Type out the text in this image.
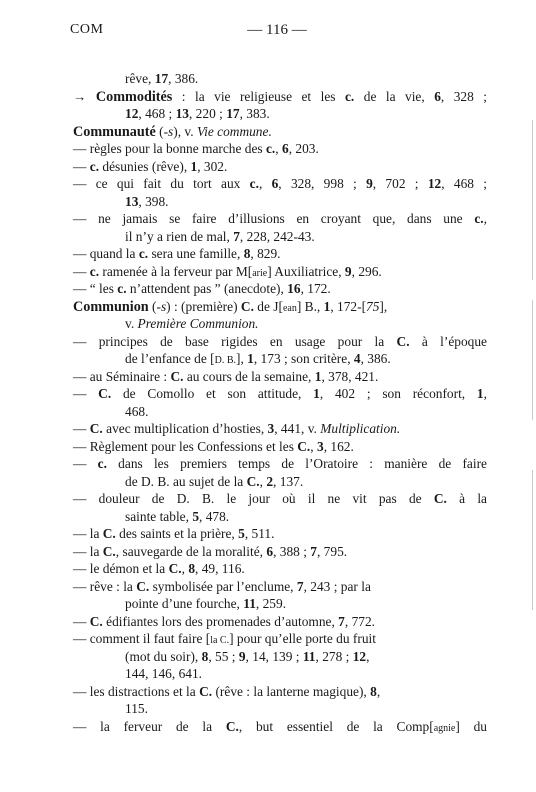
COM	— 116 —
rêve, 17, 386.
→ Commodités : la vie religieuse et les c. de la vie, 6, 328 ;
12, 468 ; 13, 220 ; 17, 383.
Communauté (-s), v. Vie commune.
— règles pour la bonne marche des c., 6, 203.
— c. désunies (rêve), 1, 302.
— ce qui fait du tort aux c., 6, 328, 998 ; 9, 702 ; 12, 468 ;
13, 398.
— ne jamais se faire d’illusions en croyant que, dans une c.,
il n’y a rien de mal, 7, 228, 242-43.
— quand la c. sera une famille, 8, 829.
— c. ramenée à la ferveur par M[arie] Auxiliatrice, 9, 296.
— “ les c. n’attendent pas ” (anecdote), 16, 172.
Communion (-s) : (première) C. de J[ean] B., 1, 172-[75],
v. Première Communion.
— principes de base rigides en usage pour la C. à l’époque
de l’enfance de [D. B.], 1, 173 ; son critère, 4, 386.
— au Séminaire : C. au cours de la semaine, 1, 378, 421.
— C. de Comollo et son attitude, 1, 402 ; son réconfort, 1,
468.
— C. avec multiplication d’hosties, 3, 441, v. Multiplication.
— Règlement pour les Confessions et les C., 3, 162.
— c. dans les premiers temps de l’Oratoire : manière de faire
de D. B. au sujet de la C., 2, 137.
— douleur de D. B. le jour où il ne vit pas de C. à la
sainte table, 5, 478.
— la C. des saints et la prière, 5, 511.
— la C., sauvegarde de la moralité, 6, 388 ; 7, 795.
— le démon et la C., 8, 49, 116.
— rêve : la C. symbolisée par l’enclume, 7, 243 ; par la
pointe d’une fourche, 11, 259.
— C. édifiantes lors des promenades d’automne, 7, 772.
— comment il faut faire [la C.] pour qu’elle porte du fruit
(mot du soir), 8, 55 ; 9, 14, 139 ; 11, 278 ; 12,
144, 146, 641.
— les distractions et la C. (rêve : la lanterne magique), 8,
115.
— la ferveur de la C., but essentiel de la Comp[agnie] du
